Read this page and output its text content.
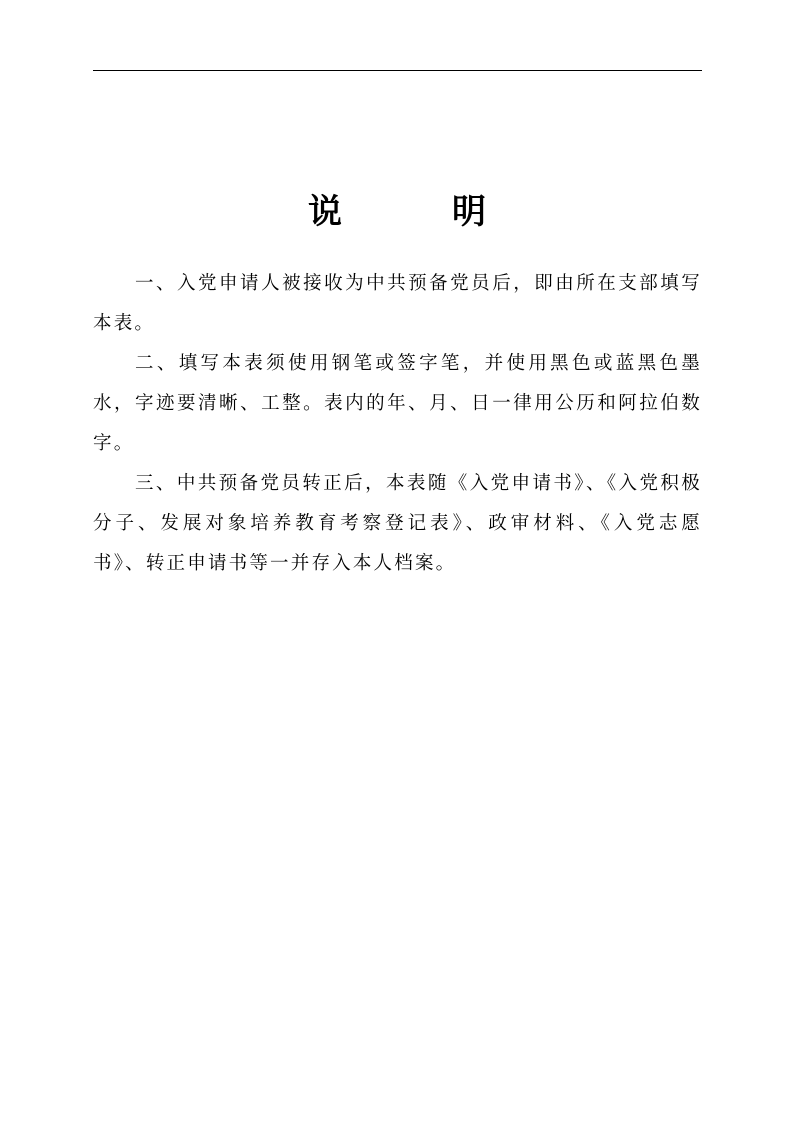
说　明

一、入党申请人被接收为中共预备党员后，即由所在支部填写本表。

二、填写本表须使用钢笔或签字笔，并使用黑色或蓝黑色墨水，字迹要清晰、工整。表内的年、月、日一律用公历和阿拉伯数字。

三、中共预备党员转正后，本表随《入党申请书》、《入党积极分子、发展对象培养教育考察登记表》、政审材料、《入党志愿书》、转正申请书等一并存入本人档案。
